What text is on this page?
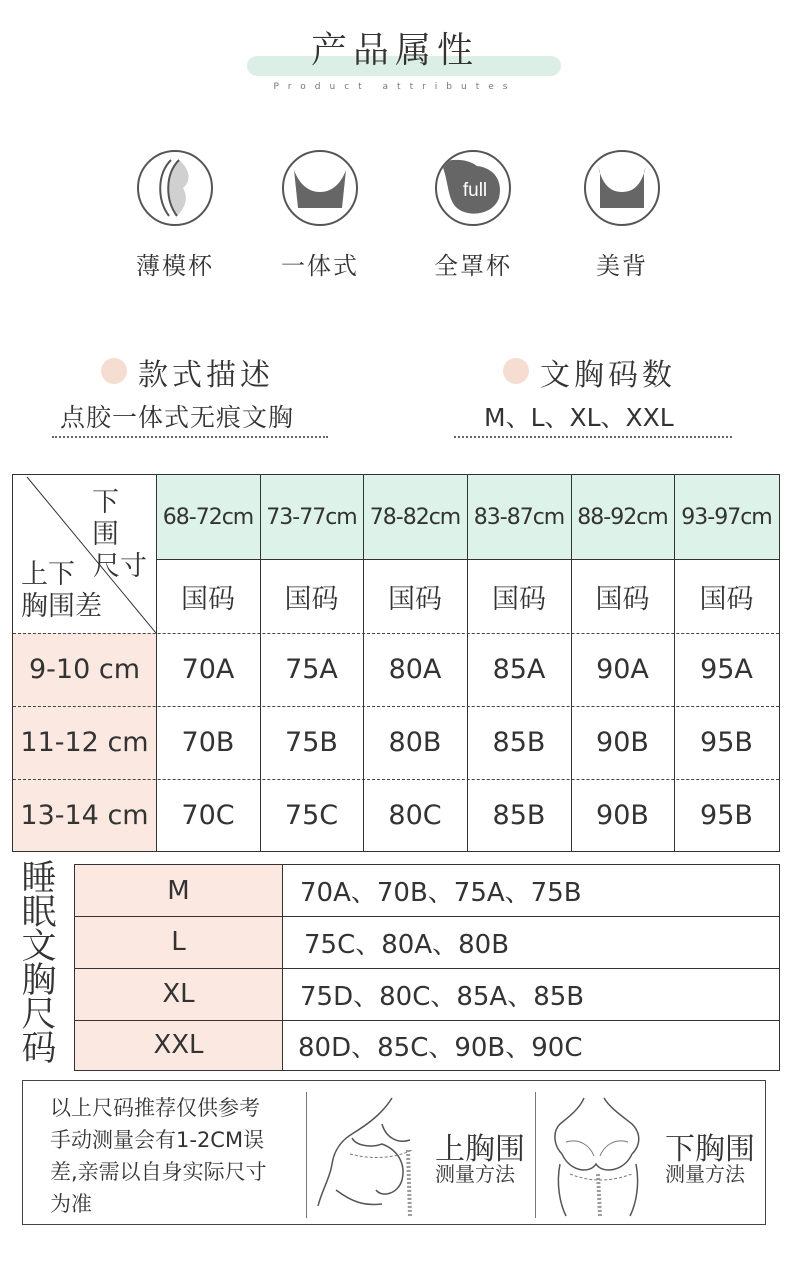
产品属性
Product attributes
薄模杯	一体式
full
全罩杯	美背
款式描述
点胶一体式无痕文胸
文胸码数
M、L、XL、XXL
68-72cm 73-77cm 78-82cm 83-87cm 88-92cm 93-97cm
国码	国码	国码	国码	国码	国码
下围
尺寸
上下
胸围差
9-10 cm	70A	75A	80A	85A	90A	95A
11-12 cm	70B	75B	80B	85B	90B	95B
13-14 cm	70C	75C	80C	85B	90B	95B
睡
眠
文
胸
尺
码
M	70A、70B、75A、75B
L	75C、80A、80B
XL	75D、80C、85A、85B
XXL	80D、85C、90B、90C
以上尺码推荐仅供参考
手动测量会有1-2CM误
差,亲需以自身实际尺寸
为准
上胸围
测量方法
下胸围
测量方法
